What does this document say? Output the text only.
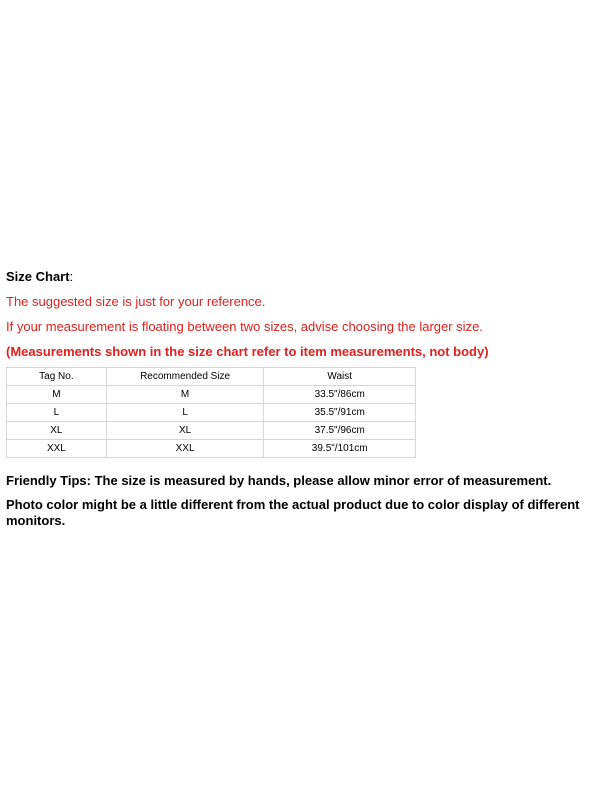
Size Chart:

The suggested size is just for your reference.

If your measurement is floating between two sizes, advise choosing the larger size.

(Measurements shown in the size chart refer to item measurements, not body)

Tag No.	Recommended Size	Waist
M	M	33.5"/86cm
L	L	35.5"/91cm
XL	XL	37.5"/96cm
XXL	XXL	39.5"/101cm

Friendly Tips: The size is measured by hands, please allow minor error of measurement.

Photo color might be a little different from the actual product due to color display of different monitors.
